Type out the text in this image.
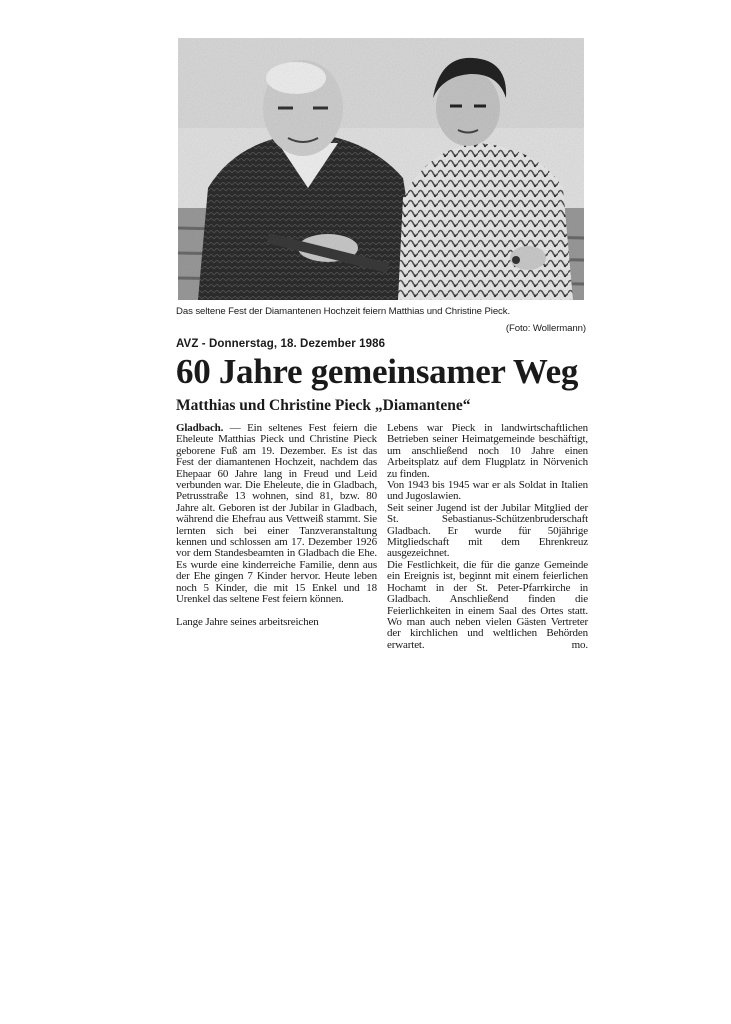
Das seltene Fest der Diamantenen Hochzeit feiern Matthias und Christine Pieck.
(Foto: Wollermann)
AVZ - Donnerstag, 18. Dezember 1986
60 Jahre gemeinsamer Weg
Matthias und Christine Pieck „Diamantene“

Gladbach. — Ein seltenes Fest feiern die Eheleute Matthias Pieck und Christine Pieck geborene Fuß am 19. Dezember. Es ist das Fest der diamantenen Hochzeit, nachdem das Ehepaar 60 Jahre lang in Freud und Leid verbunden war. Die Eheleute, die in Gladbach, Petrusstraße 13 wohnen, sind 81, bzw. 80 Jahre alt. Geboren ist der Jubilar in Gladbach, während die Ehefrau aus Vettweiß stammt. Sie lernten sich bei einer Tanzveranstaltung kennen und schlossen am 17. Dezember 1926 vor dem Standesbeamten in Gladbach die Ehe. Es wurde eine kinderreiche Familie, denn aus der Ehe gingen 7 Kinder hervor. Heute leben noch 5 Kinder, die mit 15 Enkel und 18 Urenkel das seltene Fest feiern können.

Lange Jahre seines arbeitsreichen

Lebens war Pieck in landwirtschaftlichen Betrieben seiner Heimatgemeinde beschäftigt, um anschließend noch 10 Jahre einen Arbeitsplatz auf dem Flugplatz in Nörvenich zu finden.

Von 1943 bis 1945 war er als Soldat in Italien und Jugoslawien.

Seit seiner Jugend ist der Jubilar Mitglied der St. Sebastianus-Schützenbruderschaft Gladbach. Er wurde für 50jährige Mitgliedschaft mit dem Ehrenkreuz ausgezeichnet.

Die Festlichkeit, die für die ganze Gemeinde ein Ereignis ist, beginnt mit einem feierlichen Hochamt in der St. Peter-Pfarrkirche in Gladbach. Anschließend finden die Feierlichkeiten in einem Saal des Ortes statt. Wo man auch neben vielen Gästen Vertreter der kirchlichen und weltlichen Behörden erwartet.	mo.
